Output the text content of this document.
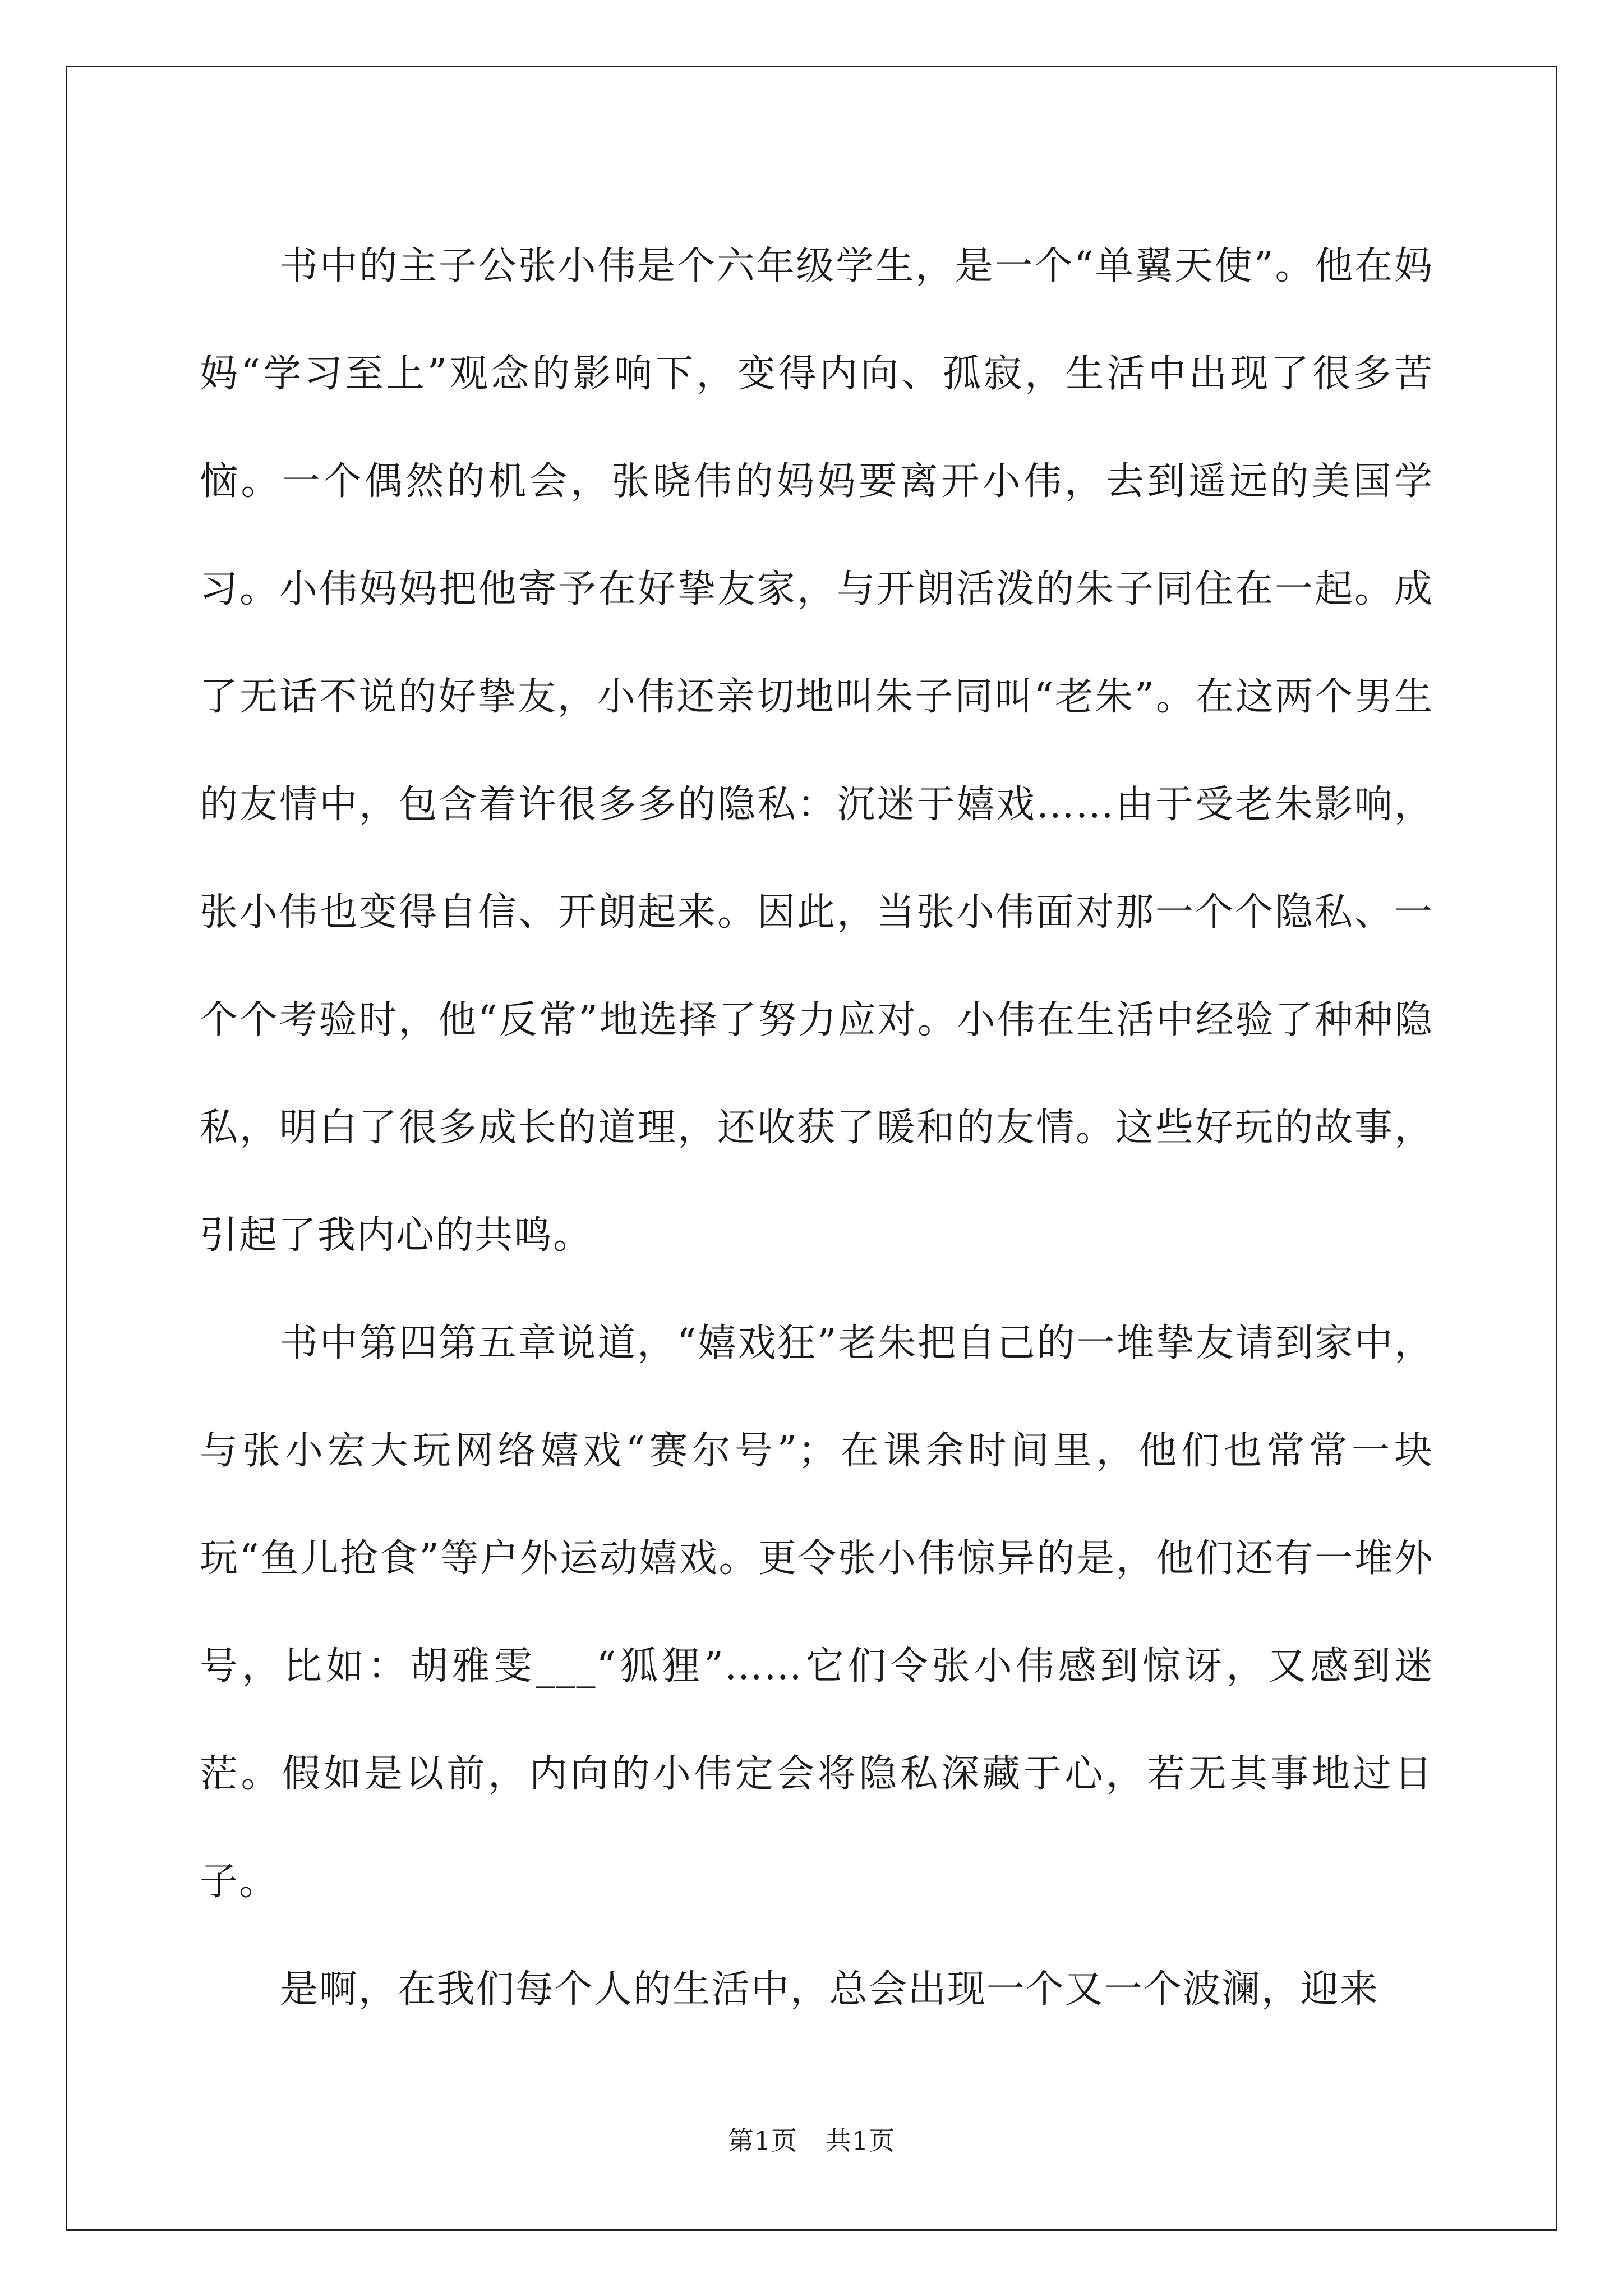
书中的主子公张小伟是个六年级学生，是一个“单翼天使”。他在妈妈“学习至上”观念的影响下，变得内向、孤寂，生活中出现了很多苦恼。一个偶然的机会，张晓伟的妈妈要离开小伟，去到遥远的美国学习。小伟妈妈把他寄予在好挚友家，与开朗活泼的朱子同住在一起。成了无话不说的好挚友，小伟还亲切地叫朱子同叫“老朱”。在这两个男生的友情中，包含着许很多多的隐私：沉迷于嬉戏……由于受老朱影响，张小伟也变得自信、开朗起来。因此，当张小伟面对那一个个隐私、一个个考验时，他“反常”地选择了努力应对。小伟在生活中经验了种种隐私，明白了很多成长的道理，还收获了暖和的友情。这些好玩的故事，引起了我内心的共鸣。

书中第四第五章说道，“嬉戏狂”老朱把自己的一堆挚友请到家中，与张小宏大玩网络嬉戏“赛尔号”；在课余时间里，他们也常常一块玩“鱼儿抢食”等户外运动嬉戏。更令张小伟惊异的是，他们还有一堆外号，比如：胡雅雯___“狐狸”……它们令张小伟感到惊讶，又感到迷茫。假如是以前，内向的小伟定会将隐私深藏于心，若无其事地过日子。

是啊，在我们每个人的生活中，总会出现一个又一个波澜，迎来

第1页 共1页
